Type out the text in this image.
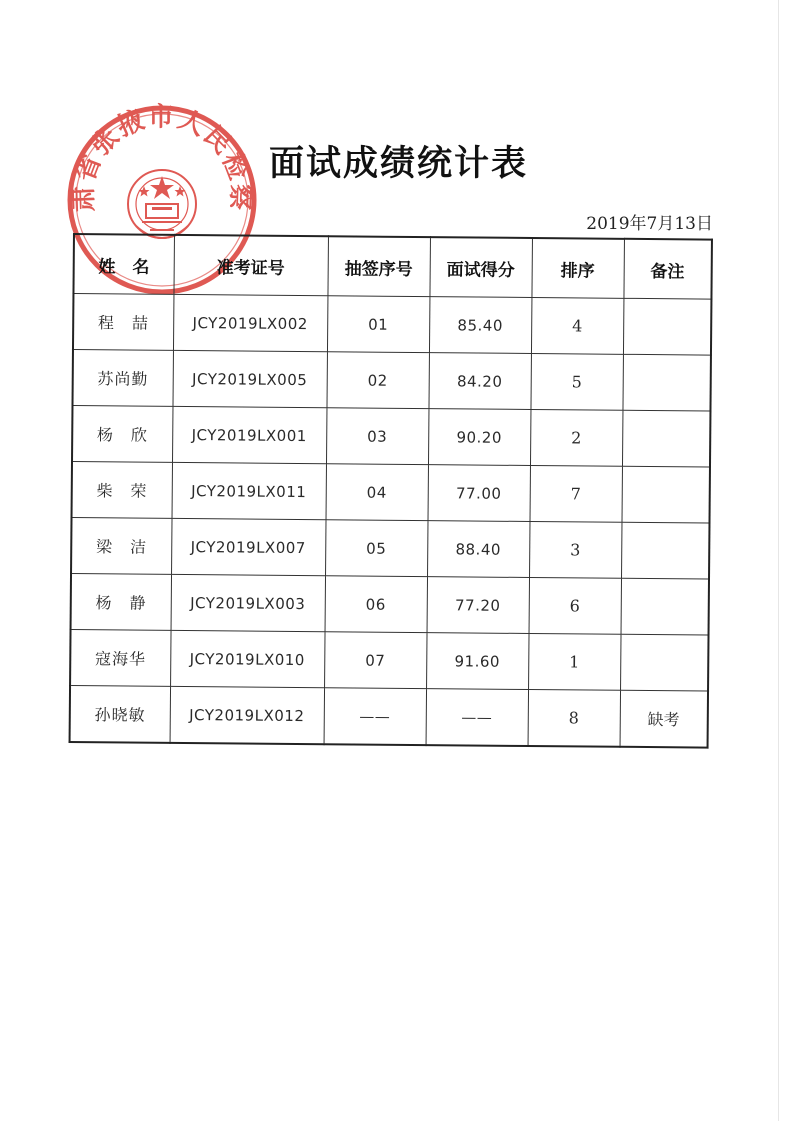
肃省张掖市人民检察
面试成绩统计表
2019年7月13日
姓　名	准考证号	抽签序号	面试得分	排序	备注
程　喆	JCY2019LX002	01	85.40	4	
苏尚勤	JCY2019LX005	02	84.20	5	
杨　欣	JCY2019LX001	03	90.20	2	
柴　荣	JCY2019LX011	04	77.00	7	
梁　洁	JCY2019LX007	05	88.40	3	
杨　静	JCY2019LX003	06	77.20	6	
寇海华	JCY2019LX010	07	91.60	1	
孙晓敏	JCY2019LX012	——	——	8	缺考
